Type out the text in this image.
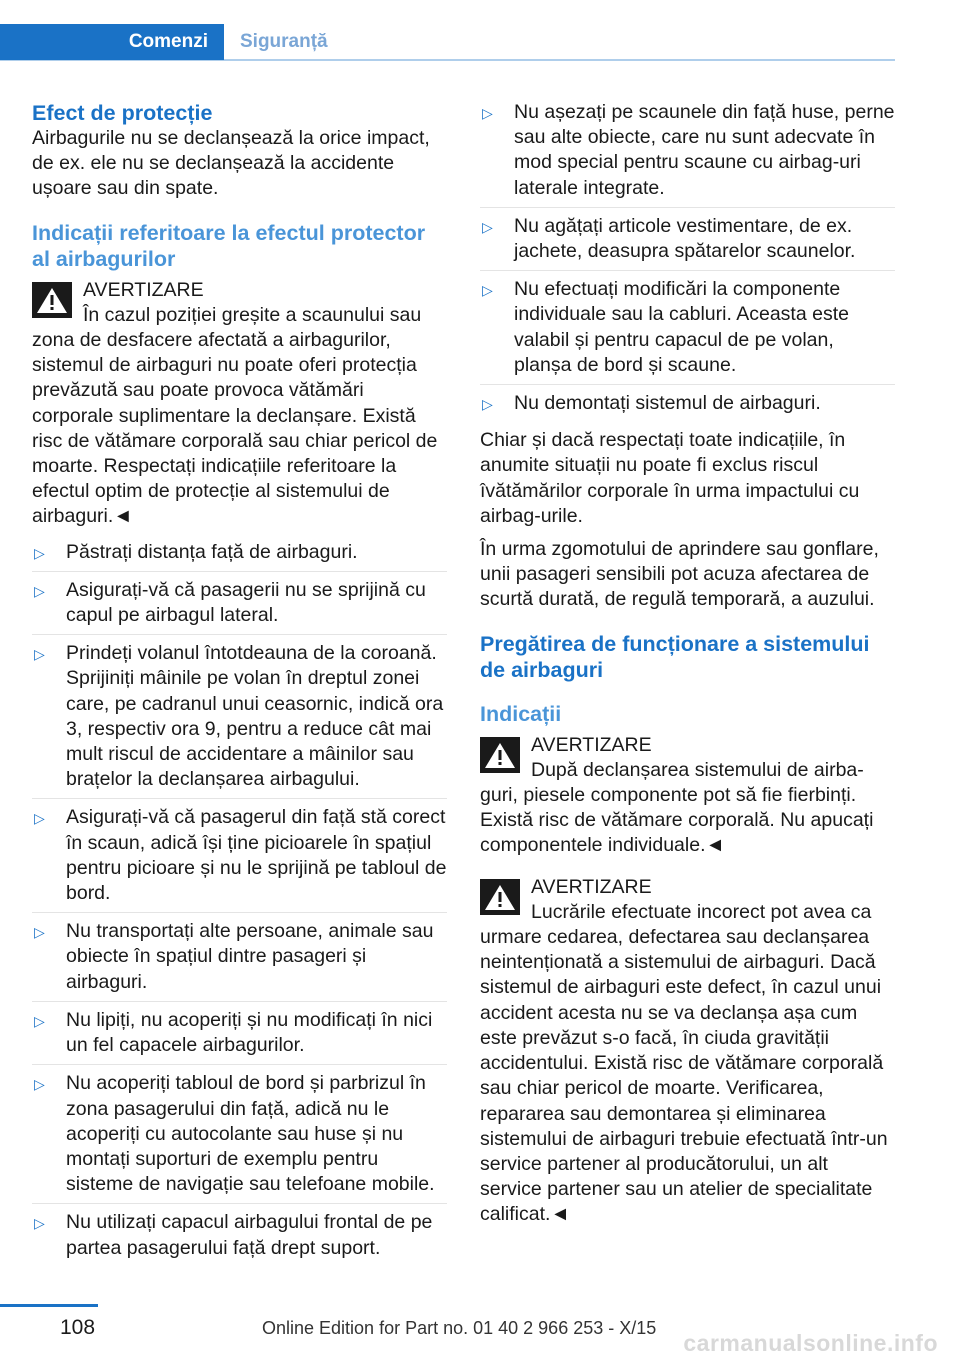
Comenzi	Siguranță
Efect de protecție

Airbagurile nu se declanșează la orice impact, de ex. ele nu se declanșează la accidente ușoare sau din spate.

Indicații referitoare la efectul protector al airbagurilor
AVERTIZARE
În cazul poziției greșite a scaunului sau
zona de desfacere afectată a airbagurilor, sistemul de airbaguri nu poate oferi protecția prevăzută sau poate provoca vătămări corporale suplimentare la declanșare. Există risc de vătămare corporală sau chiar pericol de moarte. Respectați indicațiile referitoare la efectul optim de protecție al sistemului de airbaguri.◄
▷ Păstrați distanța față de airbaguri.
▷ Asigurați-vă că pasagerii nu se sprijină cu capul pe airbagul lateral.
▷ Prindeți volanul întotdeauna de la coroană. Sprijiniți mâinile pe volan în dreptul zonei care, pe cadranul unui ceasornic, indică ora 3, respectiv ora 9, pentru a reduce cât mai mult riscul de accidentare a mâinilor sau brațelor la declanșarea airbagului.
▷ Asigurați-vă că pasagerul din față stă corect în scaun, adică își ține picioarele în spațiul pentru picioare și nu le sprijină pe tabloul de bord.
▷ Nu transportați alte persoane, animale sau obiecte în spațiul dintre pasageri și airbaguri.
▷ Nu lipiți, nu acoperiți și nu modificați în nici un fel capacele airbagurilor.
▷ Nu acoperiți tabloul de bord și parbrizul în zona pasagerului din față, adică nu le acoperiți cu autocolante sau huse și nu montați suporturi de exemplu pentru sisteme de navigație sau telefoane mobile.
▷ Nu utilizați capacul airbagului frontal de pe partea pasagerului față drept suport.
▷ Nu așezați pe scaunele din față huse, perne sau alte obiecte, care nu sunt adecvate în mod special pentru scaune cu airbag-uri laterale integrate.
▷ Nu agățați articole vestimentare, de ex. jachete, deasupra spătarelor scaunelor.
▷ Nu efectuați modificări la componente individuale sau la cabluri. Aceasta este valabil și pentru capacul de pe volan, planșa de bord și scaune.
▷ Nu demontați sistemul de airbaguri.

Chiar și dacă respectați toate indicațiile, în anumite situații nu poate fi exclus riscul îvătămărilor corporale în urma impactului cu airbag-urile.

În urma zgomotului de aprindere sau gonflare, unii pasageri sensibili pot acuza afectarea de scurtă durată, de regulă temporară, a auzului.

Pregătirea de funcționare a sistemului de airbaguri
Indicații
AVERTIZARE
După declanșarea sistemului de airba-
guri, piesele componente pot să fie fierbinți. Există risc de vătămare corporală. Nu apucați componentele individuale.◄
AVERTIZARE
Lucrările efectuate incorect pot avea ca
urmare cedarea, defectarea sau declanșarea neintenționată a sistemului de airbaguri. Dacă sistemul de airbaguri este defect, în cazul unui accident acesta nu se va declanșa așa cum este prevăzut s-o facă, în ciuda gravității accidentului. Există risc de vătămare corporală sau chiar pericol de moarte. Verificarea, repararea sau demontarea și eliminarea sistemului de airbaguri trebuie efectuată într-un service partener al producătorului, un alt service partener sau un atelier de specialitate calificat.◄
108	Online Edition for Part no. 01 40 2 966 253 - X/15
carmanualsonline.info
